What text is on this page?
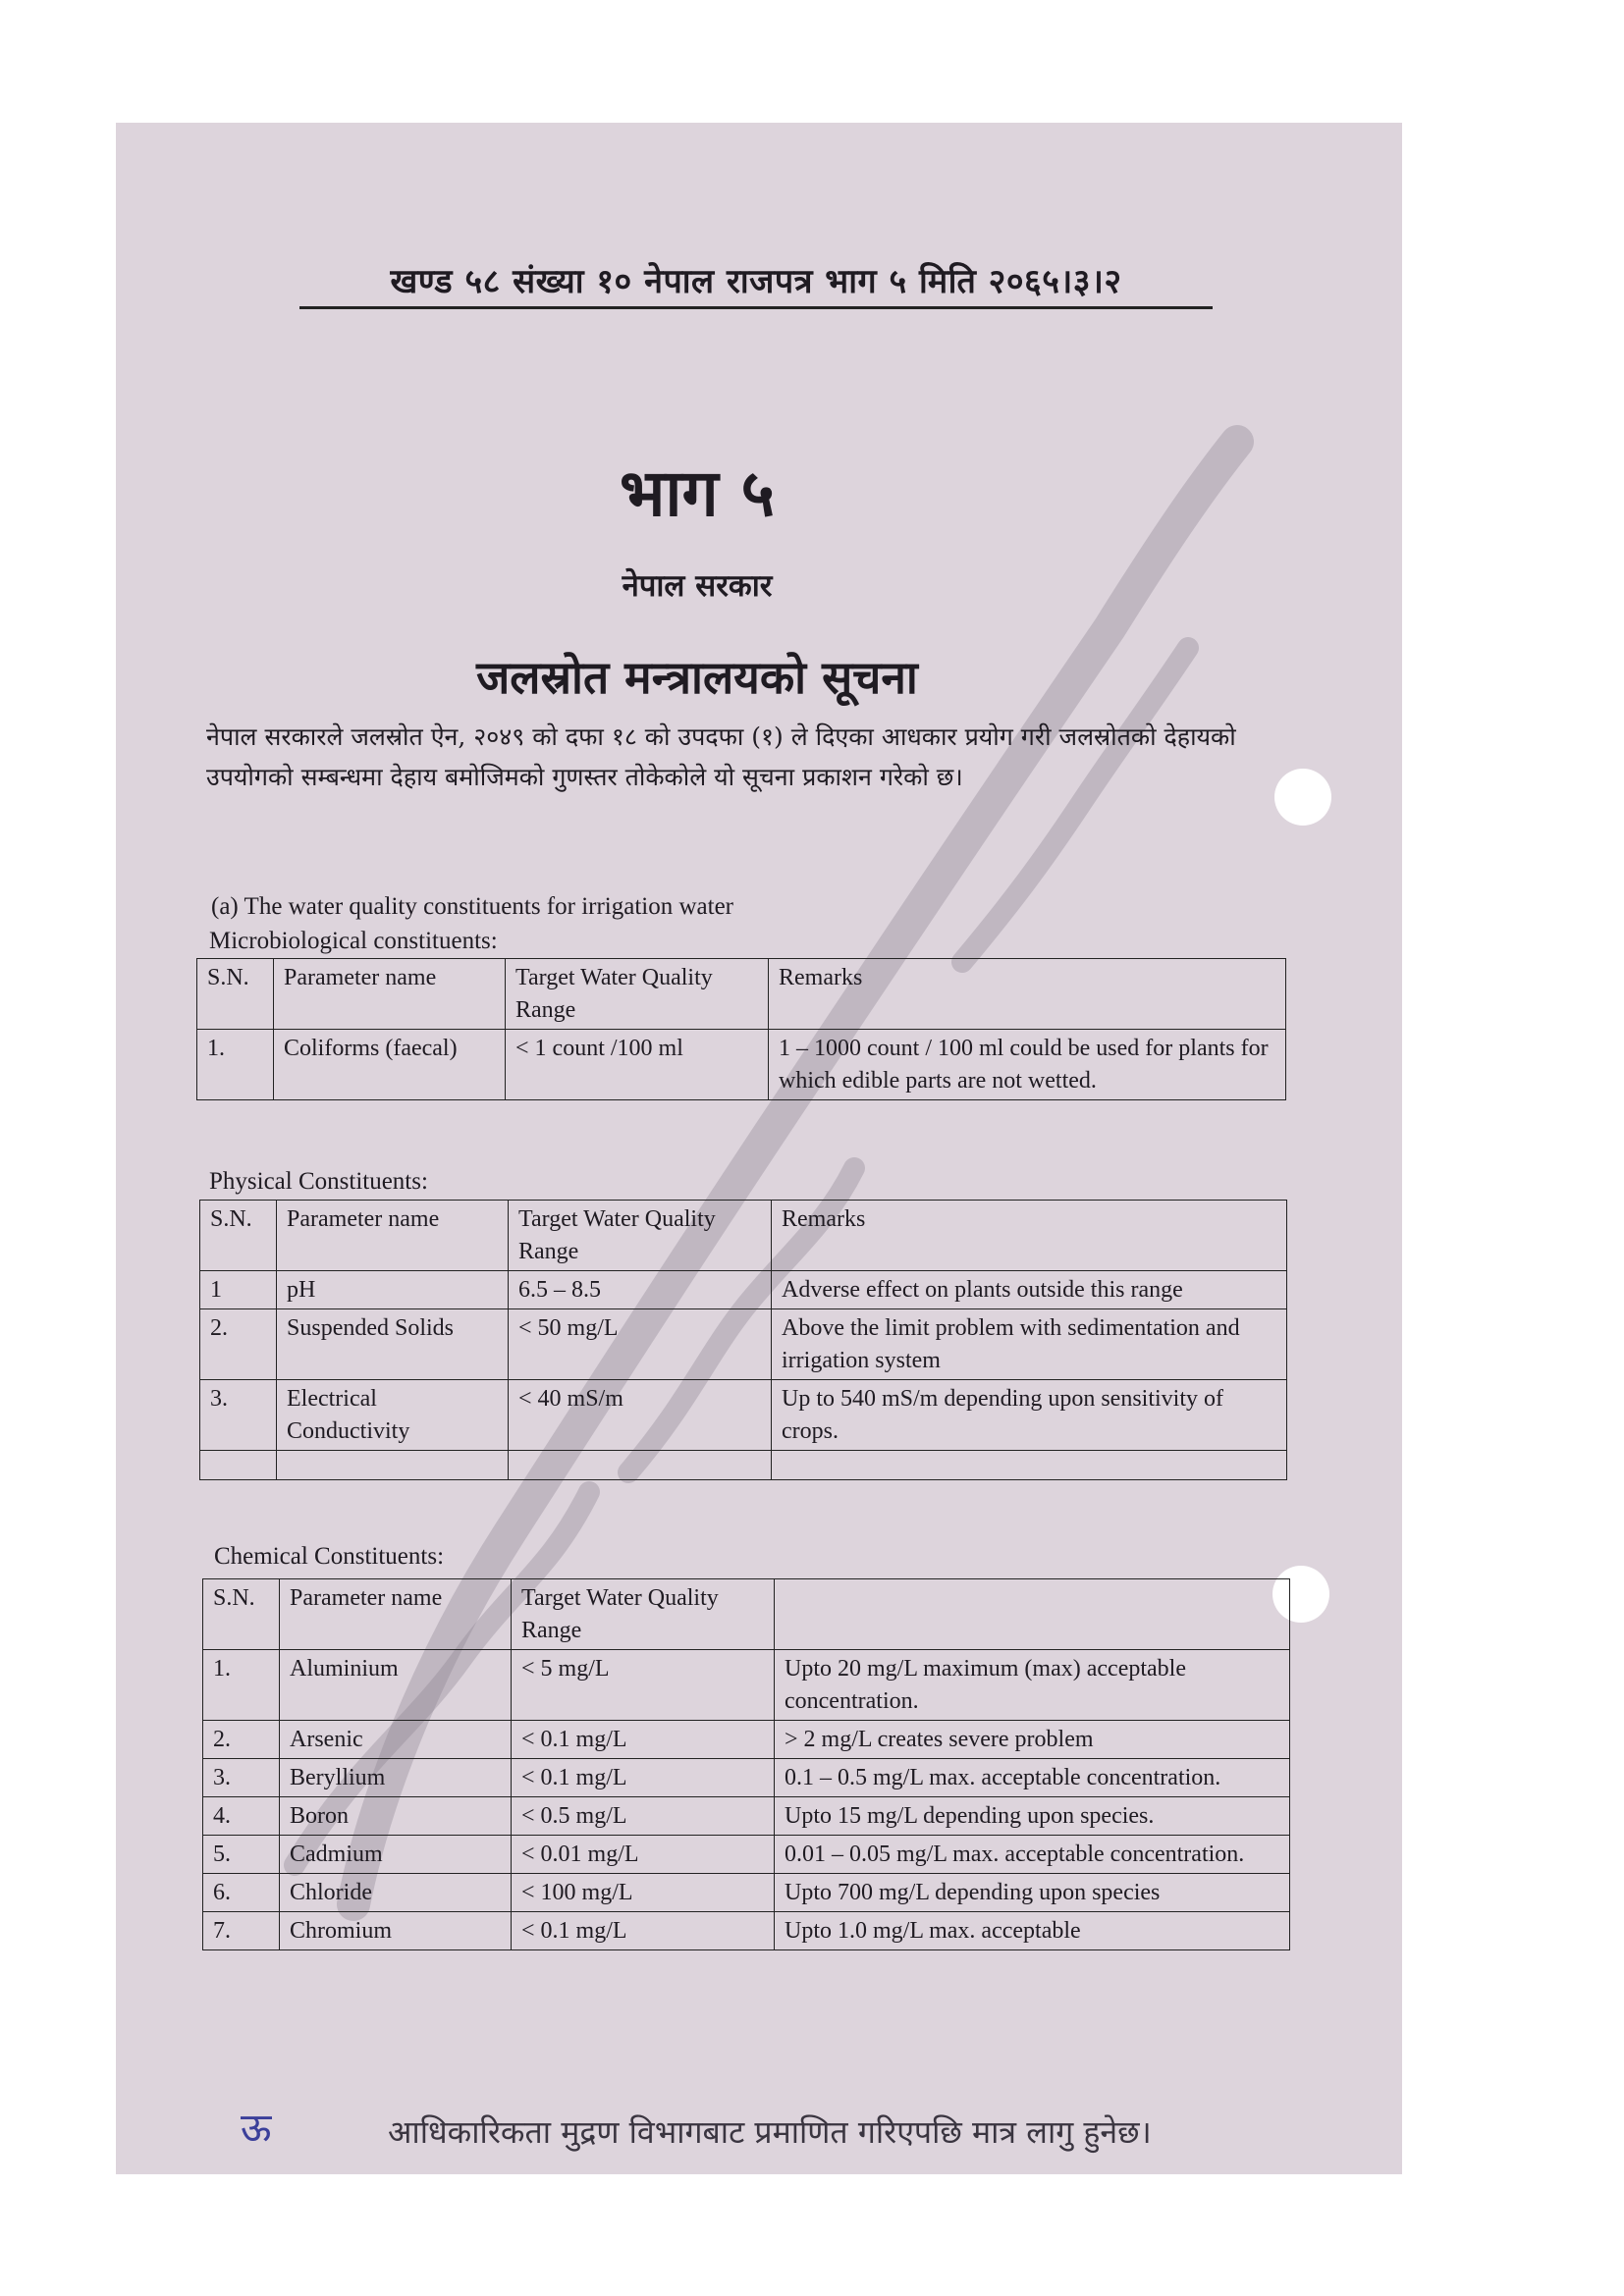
खण्ड ५८ संख्या १० नेपाल राजपत्र भाग ५ मिति २०६५।३।२
भाग ५
नेपाल सरकार
जलस्रोत मन्त्रालयको सूचना
नेपाल सरकारले जलस्रोत ऐन, २०४९ को दफा १८ को उपदफा (१) ले दिएका आधकार प्रयोग गरी जलस्रोतको देहायको उपयोगको सम्बन्धमा देहाय बमोजिमको गुणस्तर तोकेकोले यो सूचना प्रकाशन गरेको छ।
(a) The water quality constituents for irrigation water
Microbiological constituents:
S.N.	Parameter name	Target Water Quality Range	Remarks
1.	Coliforms (faecal)	< 1 count /100 ml	1 – 1000 count / 100 ml could be used for plants for which edible parts are not wetted.
Physical Constituents:
S.N.	Parameter name	Target Water Quality Range	Remarks
1	pH	6.5 – 8.5	Adverse effect on plants outside this range
2.	Suspended Solids	< 50 mg/L	Above the limit problem with sedimentation and irrigation system
3.	Electrical Conductivity	< 40 mS/m	Up to 540 mS/m depending upon sensitivity of crops.

Chemical Constituents:
S.N.	Parameter name	Target Water Quality Range	
1.	Aluminium	< 5 mg/L	Upto 20 mg/L maximum (max) acceptable concentration.
2.	Arsenic	< 0.1 mg/L	> 2 mg/L creates severe problem
3.	Beryllium	< 0.1 mg/L	0.1 – 0.5 mg/L max. acceptable concentration.
4.	Boron	< 0.5 mg/L	Upto 15 mg/L depending upon species.
5.	Cadmium	< 0.01 mg/L	0.01 – 0.05 mg/L max. acceptable concentration.
6.	Chloride	< 100 mg/L	Upto 700 mg/L depending upon species
7.	Chromium	< 0.1 mg/L	Upto 1.0 mg/L max. acceptable
ऊ	आधिकारिकता मुद्रण विभागबाट प्रमाणित गरिएपछि मात्र लागु हुनेछ।
